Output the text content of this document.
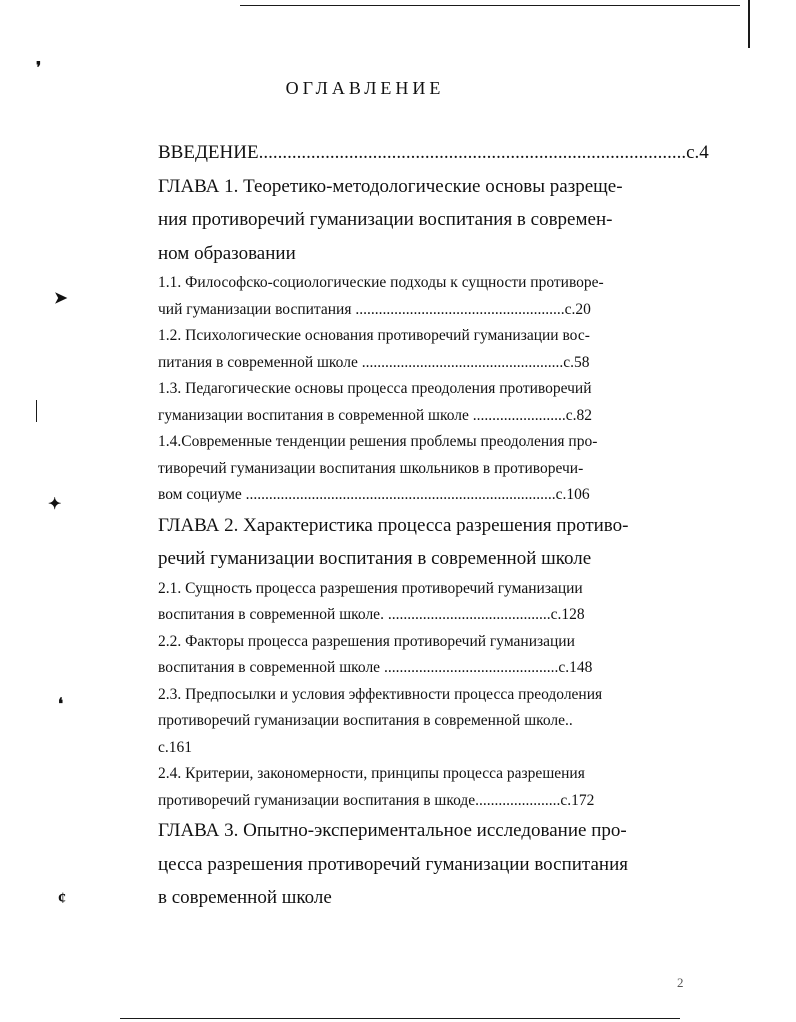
❜
➤
✦
❛
¢
ОГЛАВЛЕНИЕ
ВВЕДЕНИЕ..........................................................................................с.4
ГЛАВА 1. Теоретико-методологические основы разреще-
ния противоречий гуманизации воспитания в современ-
ном образовании
1.1. Философско-социологические подходы к сущности противоре-
чий гуманизации воспитания ......................................................с.20
1.2. Психологические основания противоречий гуманизации вос-
питания в современной школе ....................................................с.58
1.3. Педагогические основы процесса преодоления противоречий
гуманизации воспитания в современной школе ........................с.82
1.4.Современные тенденции решения проблемы преодоления про-
тиворечий гуманизации воспитания школьников в противоречи-
вом социуме ................................................................................с.106
ГЛАВА 2. Характеристика процесса разрешения противо-
речий гуманизации воспитания в современной школе
2.1. Сущность процесса разрешения противоречий гуманизации
воспитания в современной школе. ..........................................с.128
2.2. Факторы процесса разрешения противоречий гуманизации
воспитания в современной школе .............................................с.148
2.3. Предпосылки и условия эффективности процесса преодоления
противоречий гуманизации воспитания в современной школе..
с.161
2.4. Критерии, закономерности, принципы процесса разрешения
противоречий гуманизации воспитания в шкоде......................с.172
ГЛАВА 3. Опытно-экспериментальное исследование про-
цесса разрешения противоречий гуманизации воспитания
в современной школе
2
